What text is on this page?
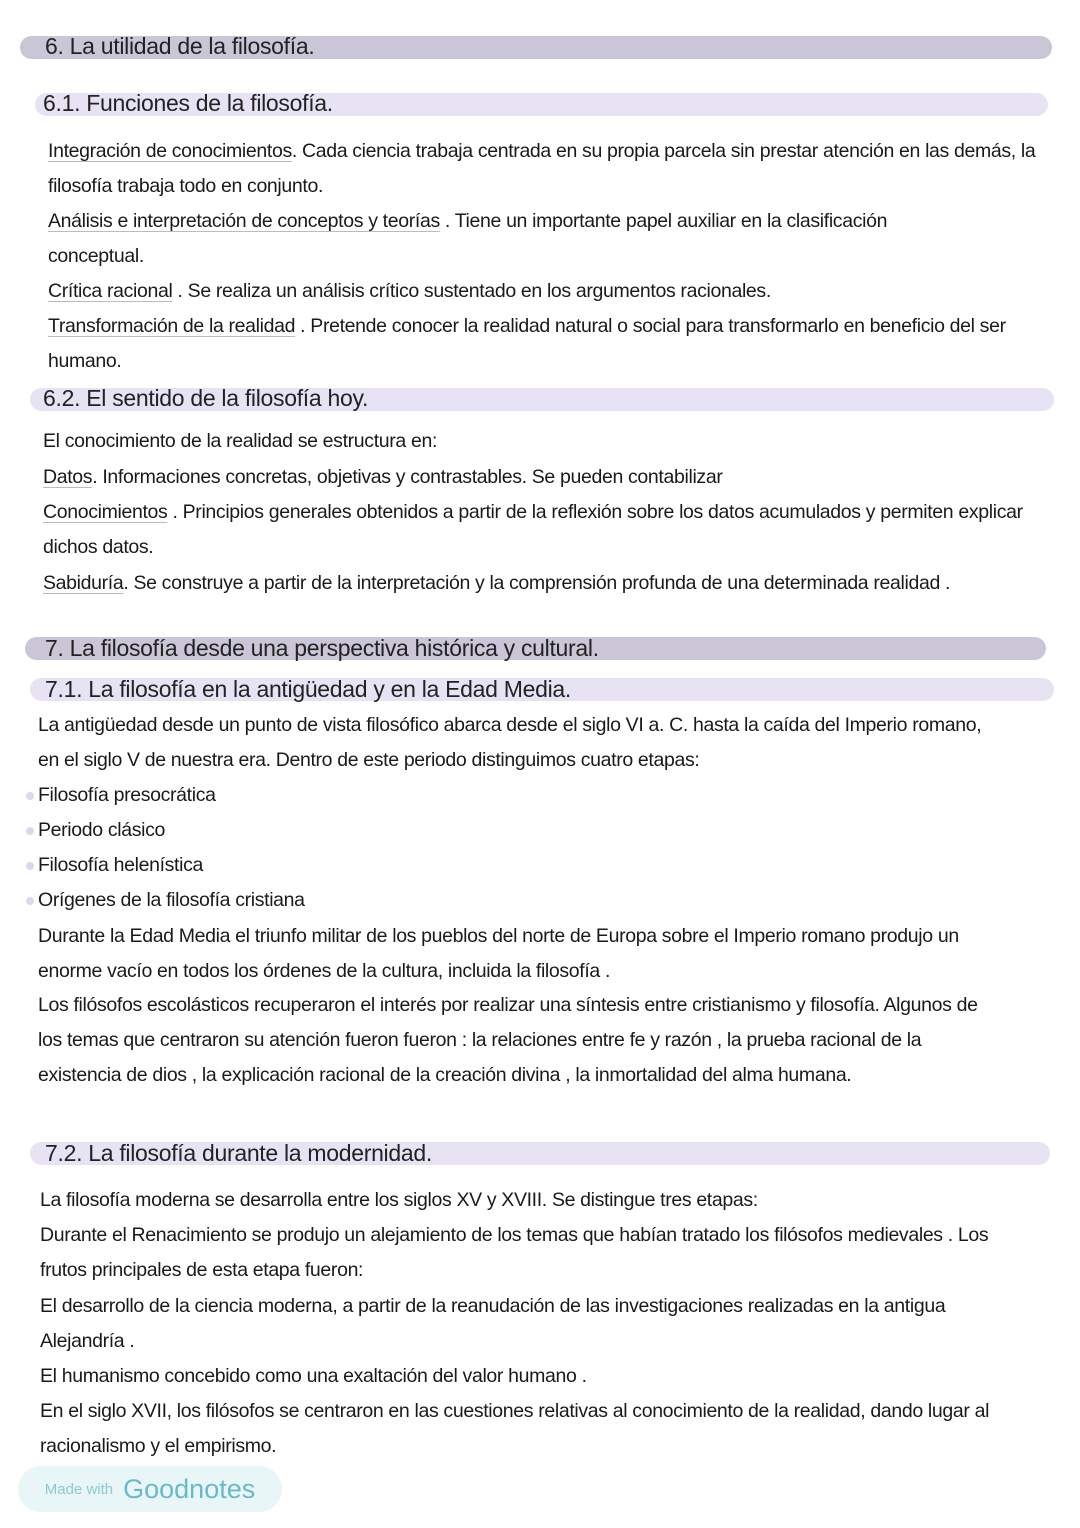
6. La utilidad de la filosofía.
6.1. Funciones de la filosofía.
Integración de conocimientos. Cada ciencia trabaja centrada en su propia parcela sin prestar atención en las demás, la filosofía trabaja todo en conjunto.
Análisis e interpretación de conceptos y teorías . Tiene un importante papel auxiliar en la clasificación conceptual.
Crítica racional . Se realiza un análisis crítico sustentado en los argumentos racionales.
Transformación de la realidad . Pretende conocer la realidad natural o social para transformarlo en beneficio del ser humano.
6.2. El sentido de la filosofía hoy.
El conocimiento de la realidad se estructura en:
Datos. Informaciones concretas, objetivas y contrastables. Se pueden contabilizar
Conocimientos . Principios generales obtenidos a partir de la reflexión sobre los datos acumulados y permiten explicar dichos datos.
Sabiduría. Se construye a partir de la interpretación y la comprensión profunda de una determinada realidad .
7. La filosofía desde una perspectiva histórica y cultural.
7.1. La filosofía en la antigüedad y en la Edad Media.
La antigüedad desde un punto de vista filosófico abarca desde el siglo VI a. C. hasta la caída del Imperio romano, en el siglo V de nuestra era. Dentro de este periodo distinguimos cuatro etapas:
Filosofía presocrática
Periodo clásico
Filosofía helenística
Orígenes de la filosofía cristiana
Durante la Edad Media el triunfo militar de los pueblos del norte de Europa sobre el Imperio romano produjo un enorme vacío en todos los órdenes de la cultura, incluida la filosofía .
Los filósofos escolásticos recuperaron el interés por realizar una síntesis entre cristianismo y filosofía. Algunos de los temas que centraron su atención fueron fueron : la relaciones entre fe y razón , la prueba racional de la existencia de dios , la explicación racional de la creación divina , la inmortalidad del alma humana.
7.2. La filosofía durante la modernidad.
La filosofía moderna se desarrolla entre los siglos XV y XVIII. Se distingue tres etapas:
Durante el Renacimiento se produjo un alejamiento de los temas que habían tratado los filósofos medievales . Los frutos principales de esta etapa fueron:
El desarrollo de la ciencia moderna, a partir de la reanudación de las investigaciones realizadas en la antigua Alejandría .
El humanismo concebido como una exaltación del valor humano .
En el siglo XVII, los filósofos se centraron en las cuestiones relativas al conocimiento de la realidad, dando lugar al racionalismo y el empirismo.
Made with Goodnotes
